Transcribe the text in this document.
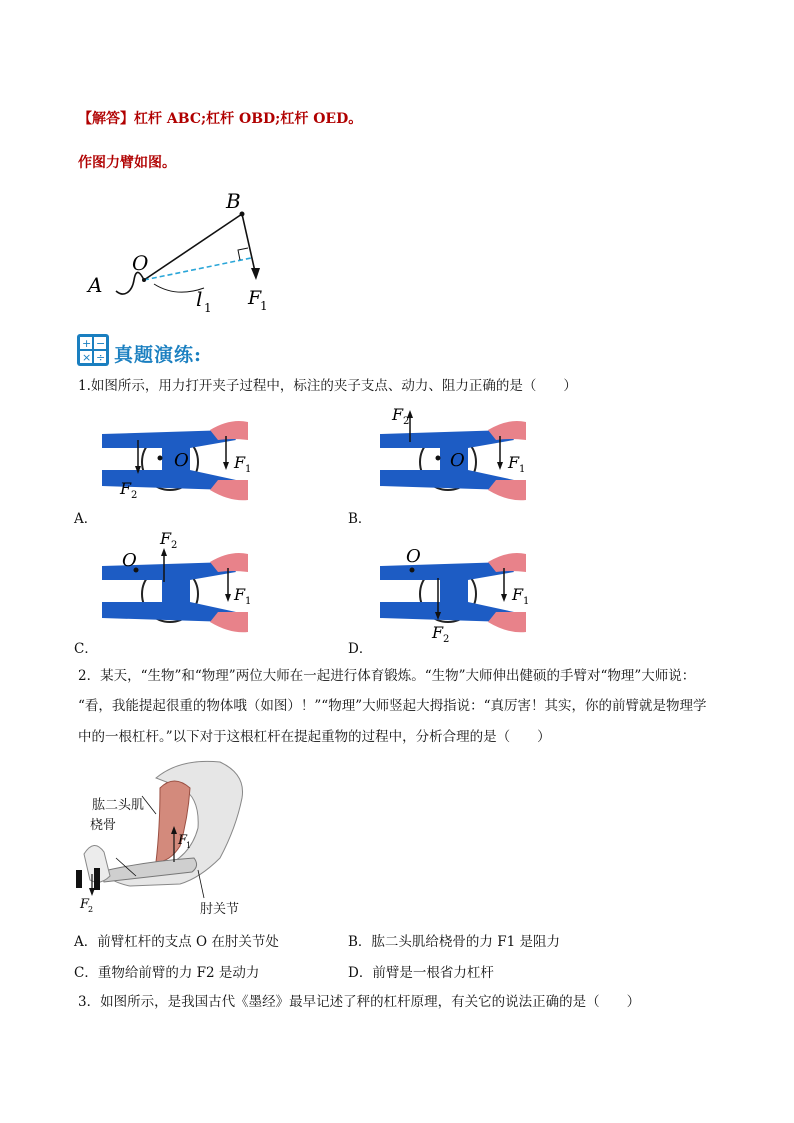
【解答】杠杆 ABC;杠杆 OBD;杠杆 OED。
作图力臂如图。
A
O
B
F
1
l 1
+ −
× ÷ 真题演练:
1.如图所示，用力打开夹子过程中，标注的夹子支点、动力、阻力正确的是（　　）
O	F 1
F 2
A．
O	F 1
F 2
B．
O
F 1
F 2
C．
O
F 1
F 2
D．
2．某天，“生物”和“物理”两位大师在一起进行体育锻炼。“生物”大师伸出健硕的手臂对“物理”大师说：
“看，我能提起很重的物体哦（如图）！”“物理”大师竖起大拇指说：“真厉害！其实，你的前臂就是物理学
中的一根杠杆。”以下对于这根杠杆在提起重物的过程中，分析合理的是（　　）
F
1
F
2
肱二头肌
桡骨
肘关节
A．前臂杠杆的支点 O 在肘关节处	B．肱二头肌给桡骨的力 F1 是阻力
C．重物给前臂的力 F2 是动力	D．前臂是一根省力杠杆
3．如图所示，是我国古代《墨经》最早记述了秤的杠杆原理，有关它的说法正确的是（　　）
